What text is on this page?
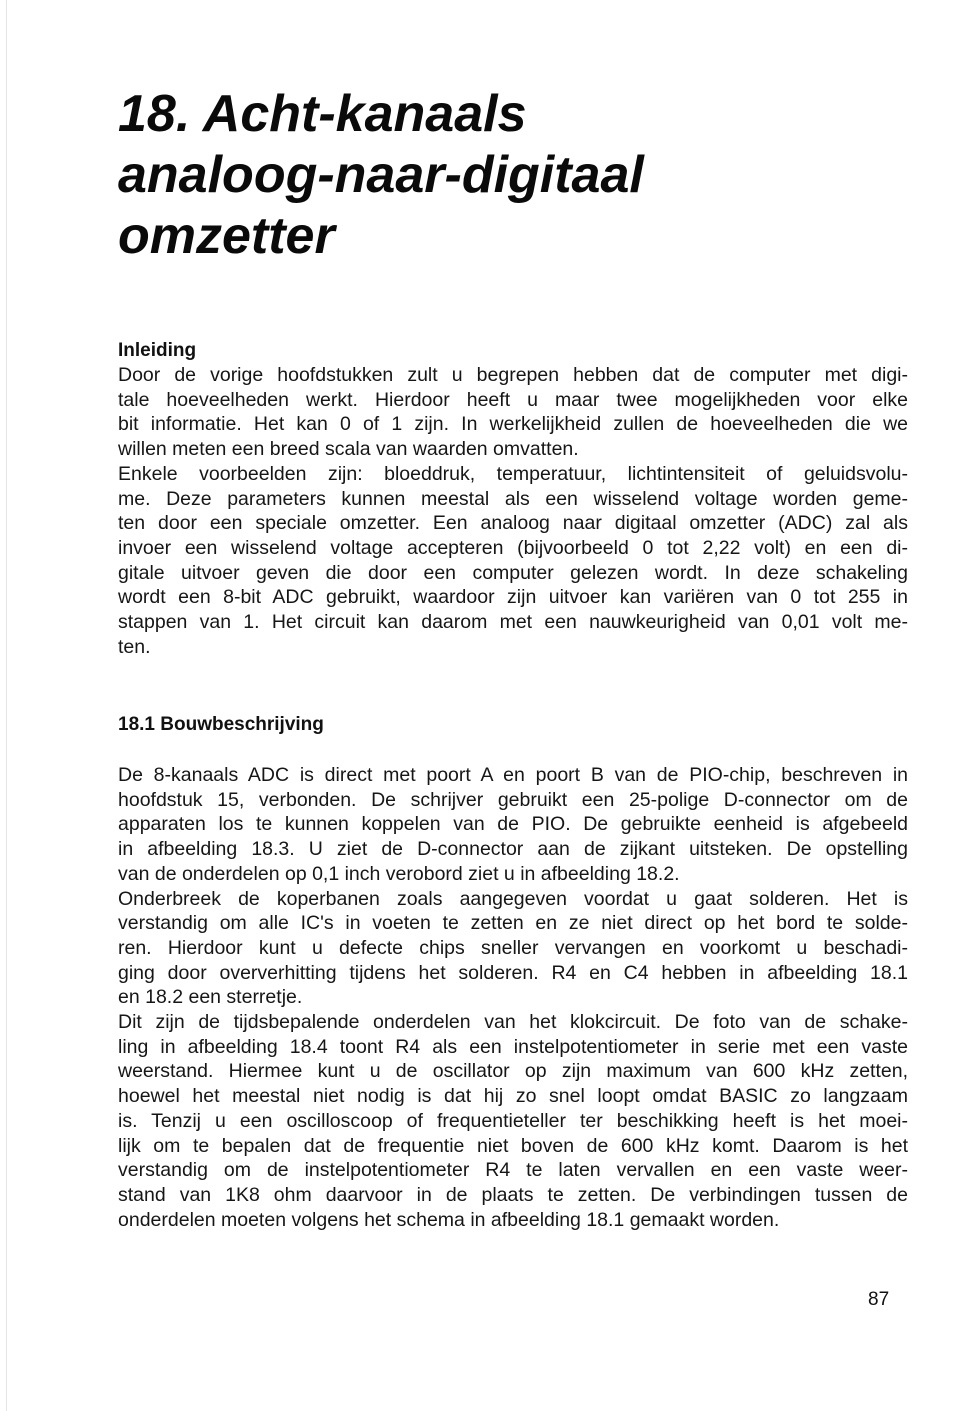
18. Acht-kanaals
analoog-naar-digitaal
omzetter
Inleiding
Door de vorige hoofdstukken zult u begrepen hebben dat de computer met digi-
tale hoeveelheden werkt. Hierdoor heeft u maar twee mogelijkheden voor elke
bit informatie. Het kan 0 of 1 zijn. In werkelijkheid zullen de hoeveelheden die we
willen meten een breed scala van waarden omvatten.
Enkele voorbeelden zijn: bloeddruk, temperatuur, lichtintensiteit of geluidsvolu-
me. Deze parameters kunnen meestal als een wisselend voltage worden geme-
ten door een speciale omzetter. Een analoog naar digitaal omzetter (ADC) zal als
invoer een wisselend voltage accepteren (bijvoorbeeld 0 tot 2,22 volt) en een di-
gitale uitvoer geven die door een computer gelezen wordt. In deze schakeling
wordt een 8-bit ADC gebruikt, waardoor zijn uitvoer kan variëren van 0 tot 255 in
stappen van 1. Het circuit kan daarom met een nauwkeurigheid van 0,01 volt me-
ten.
18.1 Bouwbeschrijving
De 8-kanaals ADC is direct met poort A en poort B van de PIO-chip, beschreven in
hoofdstuk 15, verbonden. De schrijver gebruikt een 25-polige D-connector om de
apparaten los te kunnen koppelen van de PIO. De gebruikte eenheid is afgebeeld
in afbeelding 18.3. U ziet de D-connector aan de zijkant uitsteken. De opstelling
van de onderdelen op 0,1 inch verobord ziet u in afbeelding 18.2.
Onderbreek de koperbanen zoals aangegeven voordat u gaat solderen. Het is
verstandig om alle IC's in voeten te zetten en ze niet direct op het bord te solde-
ren. Hierdoor kunt u defecte chips sneller vervangen en voorkomt u beschadi-
ging door oververhitting tijdens het solderen. R4 en C4 hebben in afbeelding 18.1
en 18.2 een sterretje.
Dit zijn de tijdsbepalende onderdelen van het klokcircuit. De foto van de schake-
ling in afbeelding 18.4 toont R4 als een instelpotentiometer in serie met een vaste
weerstand. Hiermee kunt u de oscillator op zijn maximum van 600 kHz zetten,
hoewel het meestal niet nodig is dat hij zo snel loopt omdat BASIC zo langzaam
is. Tenzij u een oscilloscoop of frequentieteller ter beschikking heeft is het moei-
lijk om te bepalen dat de frequentie niet boven de 600 kHz komt. Daarom is het
verstandig om de instelpotentiometer R4 te laten vervallen en een vaste weer-
stand van 1K8 ohm daarvoor in de plaats te zetten. De verbindingen tussen de
onderdelen moeten volgens het schema in afbeelding 18.1 gemaakt worden.
87
